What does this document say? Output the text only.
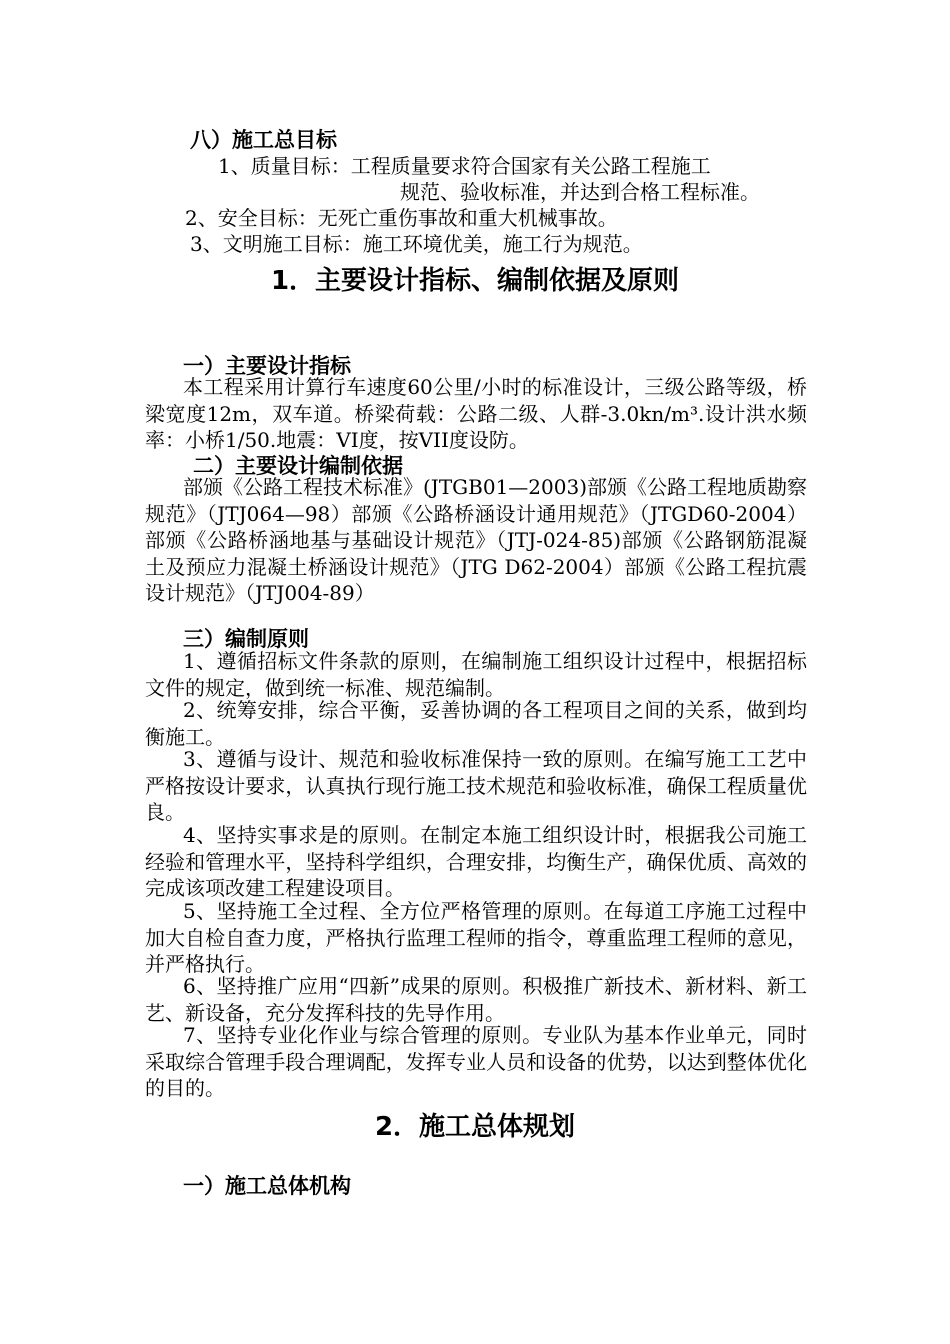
八）施工总目标
1、质量目标：工程质量要求符合国家有关公路工程施工
规范、验收标准，并达到合格工程标准。
2、安全目标：无死亡重伤事故和重大机械事故。
3、文明施工目标：施工环境优美，施工行为规范。
1．主要设计指标、编制依据及原则
一）主要设计指标
本工程采用计算行车速度60公里/小时的标准设计，三级公路等级，桥梁宽度12m，双车道。桥梁荷载：公路二级、人群-3.0kn/m³.设计洪水频率：小桥1/50.地震：VI度，按VII度设防。
二）主要设计编制依据
部颁《公路工程技术标准》(JTGB01—2003)部颁《公路工程地质勘察规范》（JTJ064—98）部颁《公路桥涵设计通用规范》（JTGD60-2004）部颁《公路桥涵地基与基础设计规范》（JTJ-024-85)部颁《公路钢筋混凝土及预应力混凝土桥涵设计规范》（JTG D62-2004）部颁《公路工程抗震设计规范》（JTJ004-89）
三）编制原则
1、遵循招标文件条款的原则，在编制施工组织设计过程中，根据招标文件的规定，做到统一标准、规范编制。
2、统筹安排，综合平衡，妥善协调的各工程项目之间的关系，做到均衡施工。
3、遵循与设计、规范和验收标准保持一致的原则。在编写施工工艺中严格按设计要求，认真执行现行施工技术规范和验收标准，确保工程质量优良。
4、坚持实事求是的原则。在制定本施工组织设计时，根据我公司施工经验和管理水平，坚持科学组织，合理安排，均衡生产，确保优质、高效的完成该项改建工程建设项目。
5、坚持施工全过程、全方位严格管理的原则。在每道工序施工过程中加大自检自查力度，严格执行监理工程师的指令，尊重监理工程师的意见，并严格执行。
6、坚持推广应用“四新”成果的原则。积极推广新技术、新材料、新工艺、新设备，充分发挥科技的先导作用。
7、坚持专业化作业与综合管理的原则。专业队为基本作业单元，同时采取综合管理手段合理调配，发挥专业人员和设备的优势，以达到整体优化的目的。
2．施工总体规划
一）施工总体机构
